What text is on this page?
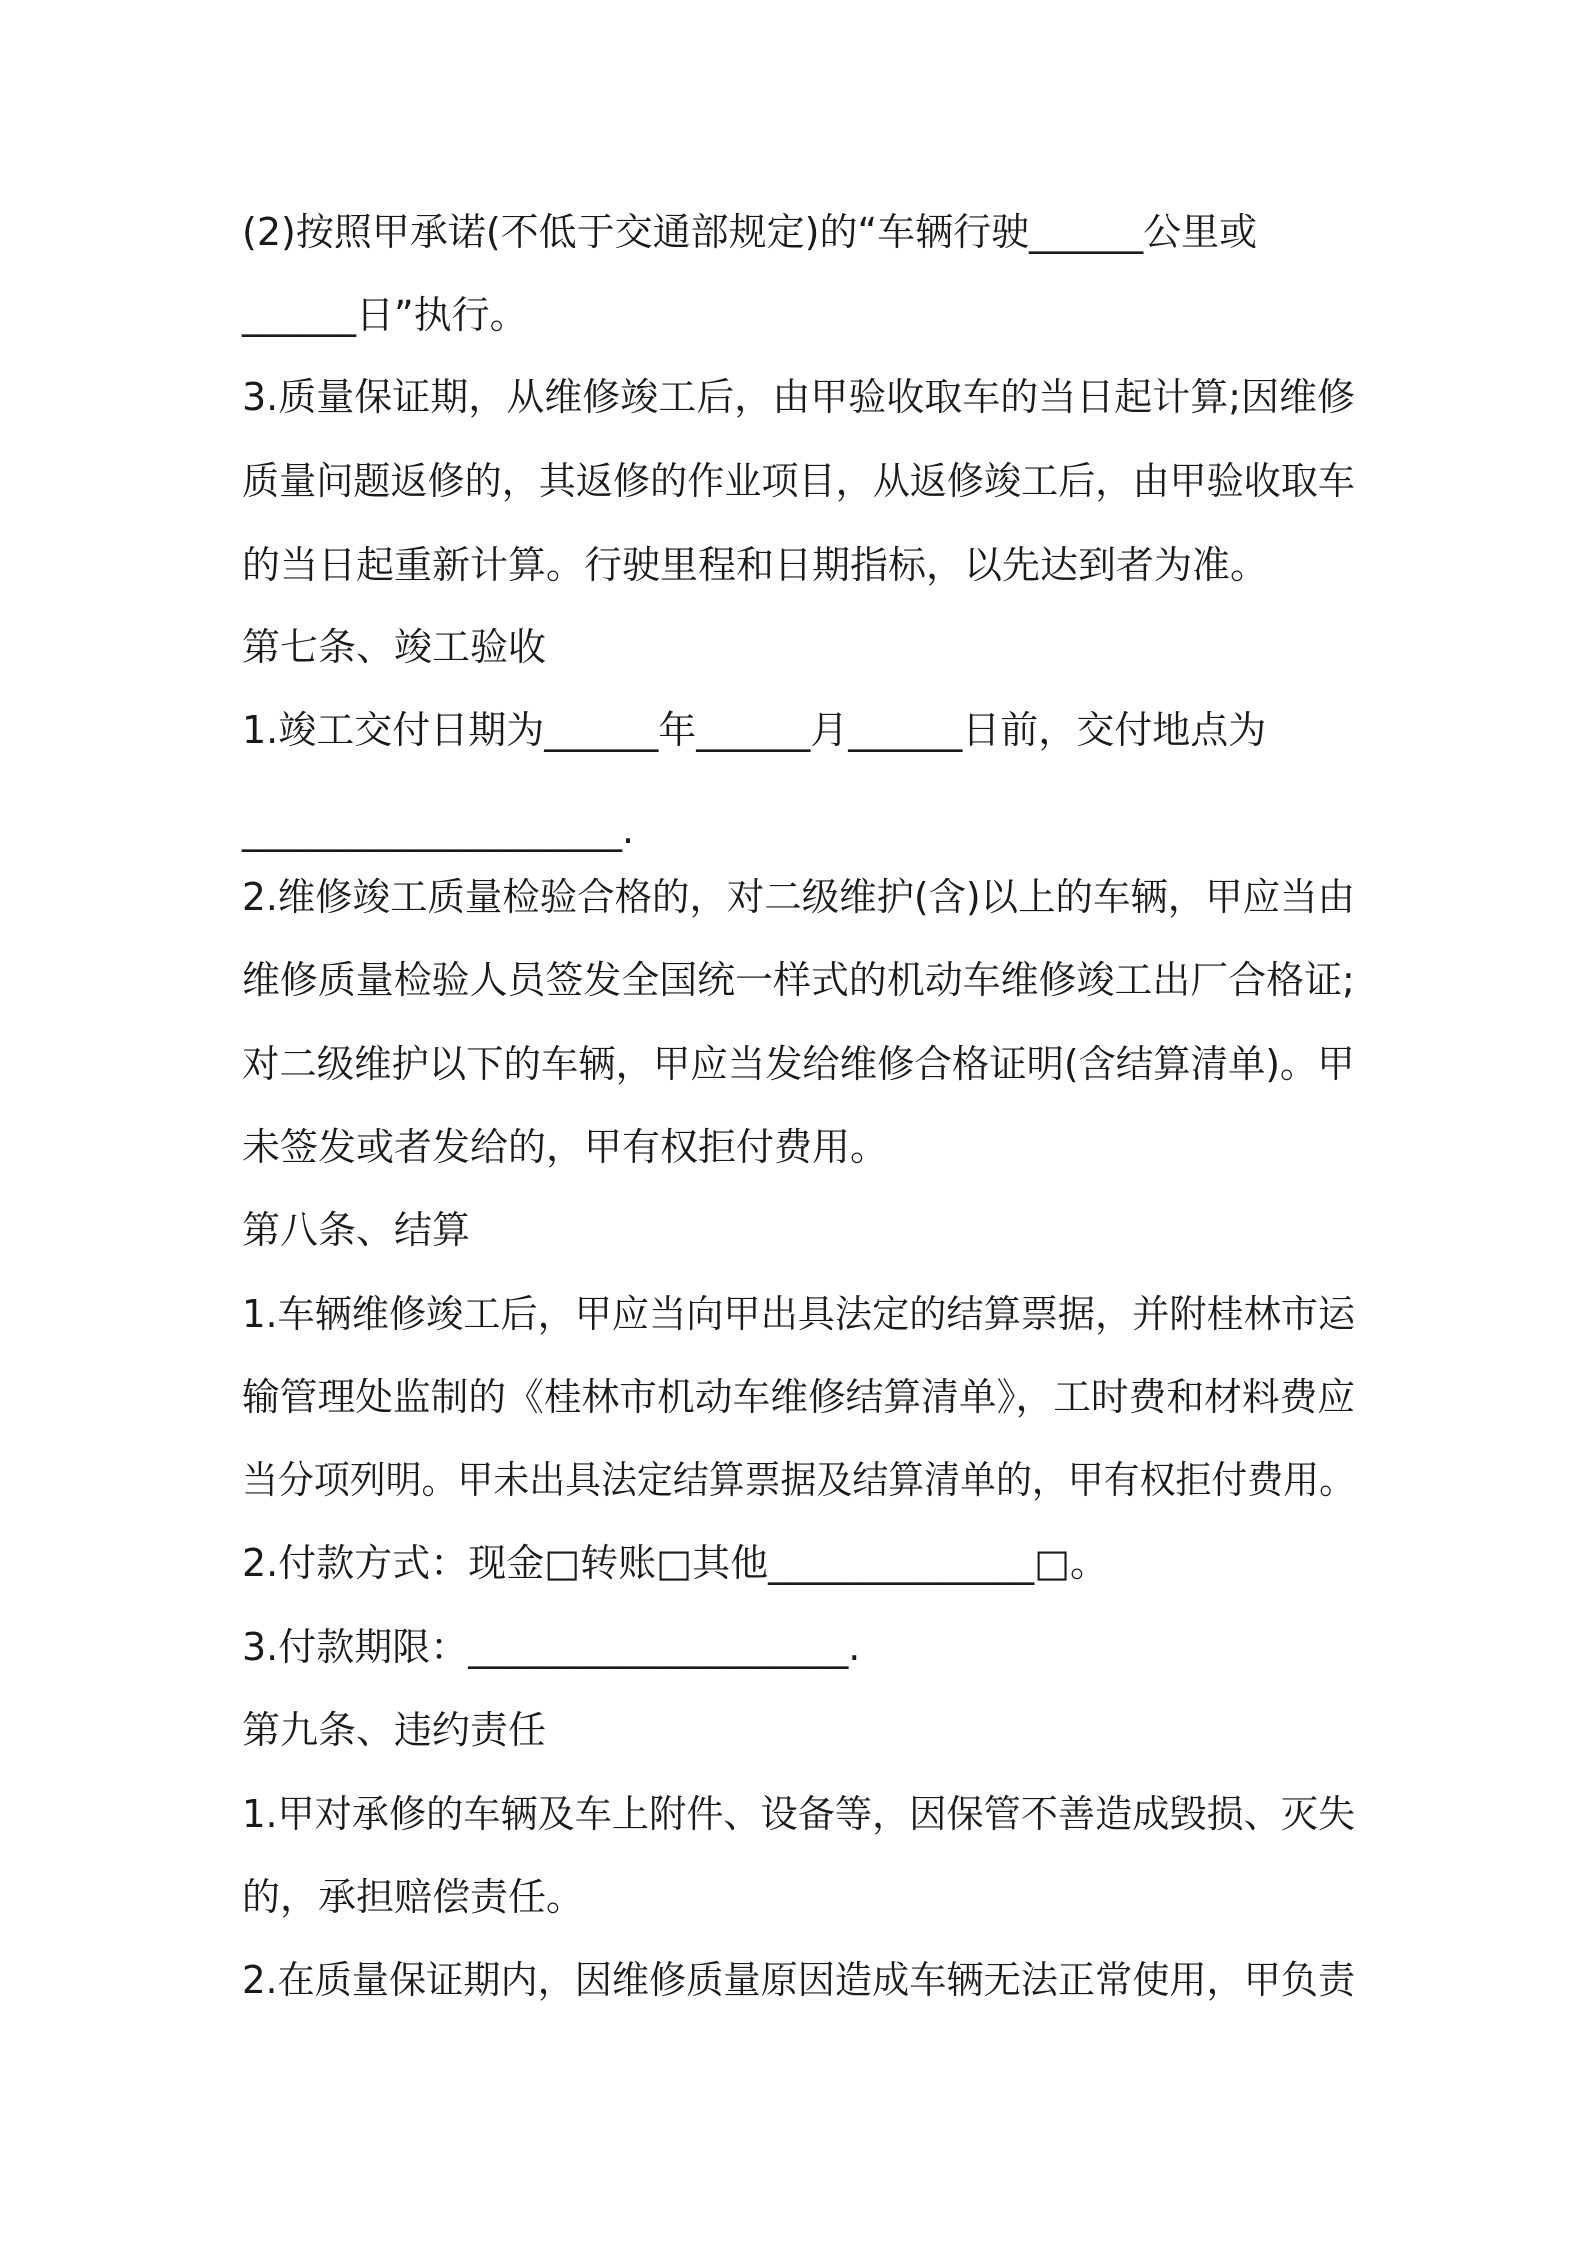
(2)按照甲承诺(不低于交通部规定)的“车辆行驶______公里或
______日”执行。
3.质量保证期，从维修竣工后，由甲验收取车的当日起计算;因维修
质量问题返修的，其返修的作业项目，从返修竣工后，由甲验收取车
的当日起重新计算。行驶里程和日期指标，以先达到者为准。
第七条、竣工验收
1.竣工交付日期为______年______月______日前，交付地点为
____________________.
2.维修竣工质量检验合格的，对二级维护(含)以上的车辆，甲应当由
维修质量检验人员签发全国统一样式的机动车维修竣工出厂合格证;
对二级维护以下的车辆，甲应当发给维修合格证明(含结算清单)。甲
未签发或者发给的，甲有权拒付费用。
第八条、结算
1.车辆维修竣工后，甲应当向甲出具法定的结算票据，并附桂林市运
输管理处监制的《桂林市机动车维修结算清单》，工时费和材料费应
当分项列明。甲未出具法定结算票据及结算清单的，甲有权拒付费用。
2.付款方式：现金□转账□其他______________□。
3.付款期限：____________________.
第九条、违约责任
1.甲对承修的车辆及车上附件、设备等，因保管不善造成毁损、灭失
的，承担赔偿责任。
2.在质量保证期内，因维修质量原因造成车辆无法正常使用，甲负责
